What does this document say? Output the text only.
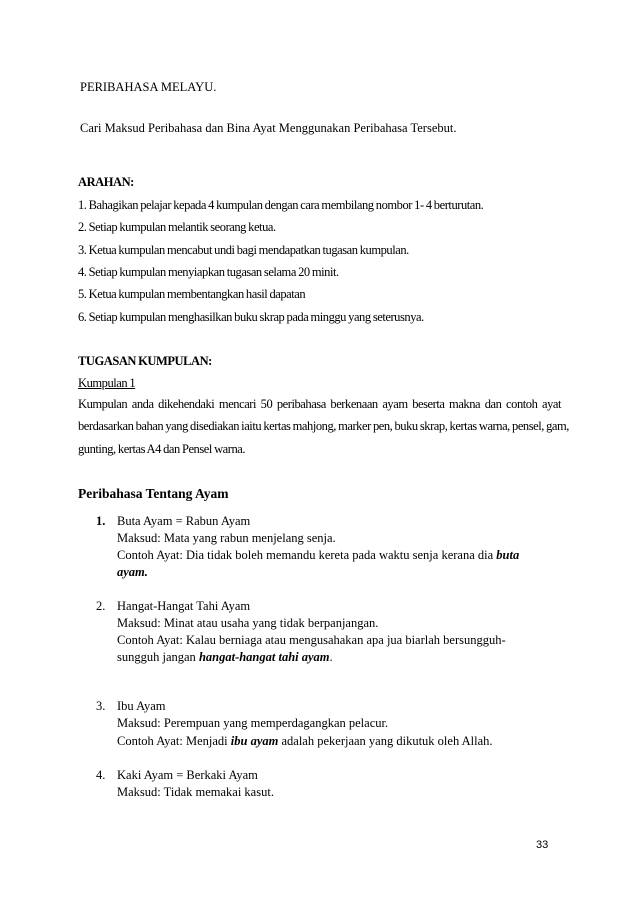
PERIBAHASA MELAYU.
Cari Maksud Peribahasa dan Bina Ayat Menggunakan Peribahasa Tersebut.
ARAHAN:
1. Bahagikan pelajar kepada 4 kumpulan dengan cara membilang nombor 1- 4 berturutan.
2. Setiap kumpulan melantik seorang ketua.
3. Ketua kumpulan mencabut undi bagi mendapatkan tugasan kumpulan.
4. Setiap kumpulan menyiapkan tugasan selama 20 minit.
5. Ketua kumpulan membentangkan hasil dapatan
6. Setiap kumpulan menghasilkan buku skrap pada minggu yang seterusnya.
TUGASAN KUMPULAN:
Kumpulan 1
Kumpulan anda dikehendaki mencari 50 peribahasa berkenaan ayam beserta makna dan contoh ayat
berdasarkan bahan yang disediakan iaitu kertas mahjong, marker pen, buku skrap, kertas warna, pensel, gam,
gunting, kertas A4 dan Pensel warna.
Peribahasa Tentang Ayam
1. Buta Ayam = Rabun Ayam
Maksud: Mata yang rabun menjelang senja.
Contoh Ayat: Dia tidak boleh memandu kereta pada waktu senja kerana dia buta
ayam.
2. Hangat-Hangat Tahi Ayam
Maksud: Minat atau usaha yang tidak berpanjangan.
Contoh Ayat: Kalau berniaga atau mengusahakan apa jua biarlah bersungguh-
sungguh jangan hangat-hangat tahi ayam.
3. Ibu Ayam
Maksud: Perempuan yang memperdagangkan pelacur.
Contoh Ayat: Menjadi ibu ayam adalah pekerjaan yang dikutuk oleh Allah.
4. Kaki Ayam = Berkaki Ayam
Maksud: Tidak memakai kasut.
33
